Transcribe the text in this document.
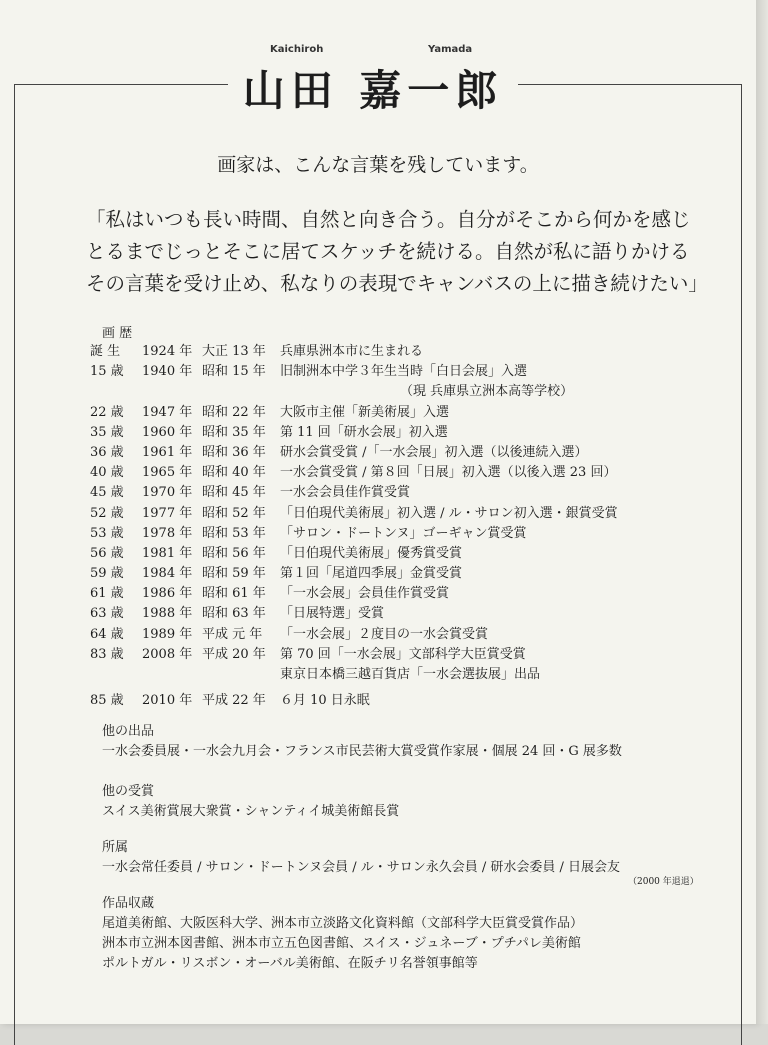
Kaichiroh	Yamada
山田 嘉一郎
画家は、こんな言葉を残しています。
「私はいつも長い時間、自然と向き合う。自分がそこから何かを感じ
とるまでじっとそこに居てスケッチを続ける。自然が私に語りかける
その言葉を受け止め、私なりの表現でキャンバスの上に描き続けたい」
画 歴
誕 生	1924 年 大正 13 年 兵庫県洲本市に生まれる
15 歳	1940 年 昭和 15 年 旧制洲本中学３年生当時「白日会展」入選
（現 兵庫県立洲本高等学校）
22 歳	1947 年 昭和 22 年 大阪市主催「新美術展」入選
35 歳	1960 年 昭和 35 年 第 11 回「研水会展」初入選
36 歳	1961 年 昭和 36 年 研水会賞受賞 /「一水会展」初入選（以後連続入選）
40 歳	1965 年 昭和 40 年 一水会賞受賞 / 第８回「日展」初入選（以後入選 23 回）
45 歳	1970 年 昭和 45 年 一水会会員佳作賞受賞
52 歳	1977 年 昭和 52 年 「日伯現代美術展」初入選 / ル・サロン初入選・銀賞受賞
53 歳	1978 年 昭和 53 年 「サロン・ドートンヌ」ゴーギャン賞受賞
56 歳	1981 年 昭和 56 年 「日伯現代美術展」優秀賞受賞
59 歳	1984 年 昭和 59 年 第１回「尾道四季展」金賞受賞
61 歳	1986 年 昭和 61 年 「一水会展」会員佳作賞受賞
63 歳	1988 年 昭和 63 年 「日展特選」受賞
64 歳	1989 年 平成 元 年 「一水会展」２度目の一水会賞受賞
83 歳	2008 年 平成 20 年 第 70 回「一水会展」文部科学大臣賞受賞
東京日本橋三越百貨店「一水会選抜展」出品
85 歳	2010 年 平成 22 年 ６月 10 日永眠
他の出品
一水会委員展・一水会九月会・フランス市民芸術大賞受賞作家展・個展 24 回・G 展多数
他の受賞
スイス美術賞展大衆賞・シャンティイ城美術館長賞
所属
一水会常任委員 / サロン・ドートンヌ会員 / ル・サロン永久会員 / 研水会委員 / 日展会友
（2000 年退退）
作品収蔵
尾道美術館、大阪医科大学、洲本市立淡路文化資料館（文部科学大臣賞受賞作品）
洲本市立洲本図書館、洲本市立五色図書館、スイス・ジュネーブ・プチパレ美術館
ポルトガル・リスボン・オーバル美術館、在阪チリ名誉領事館等
